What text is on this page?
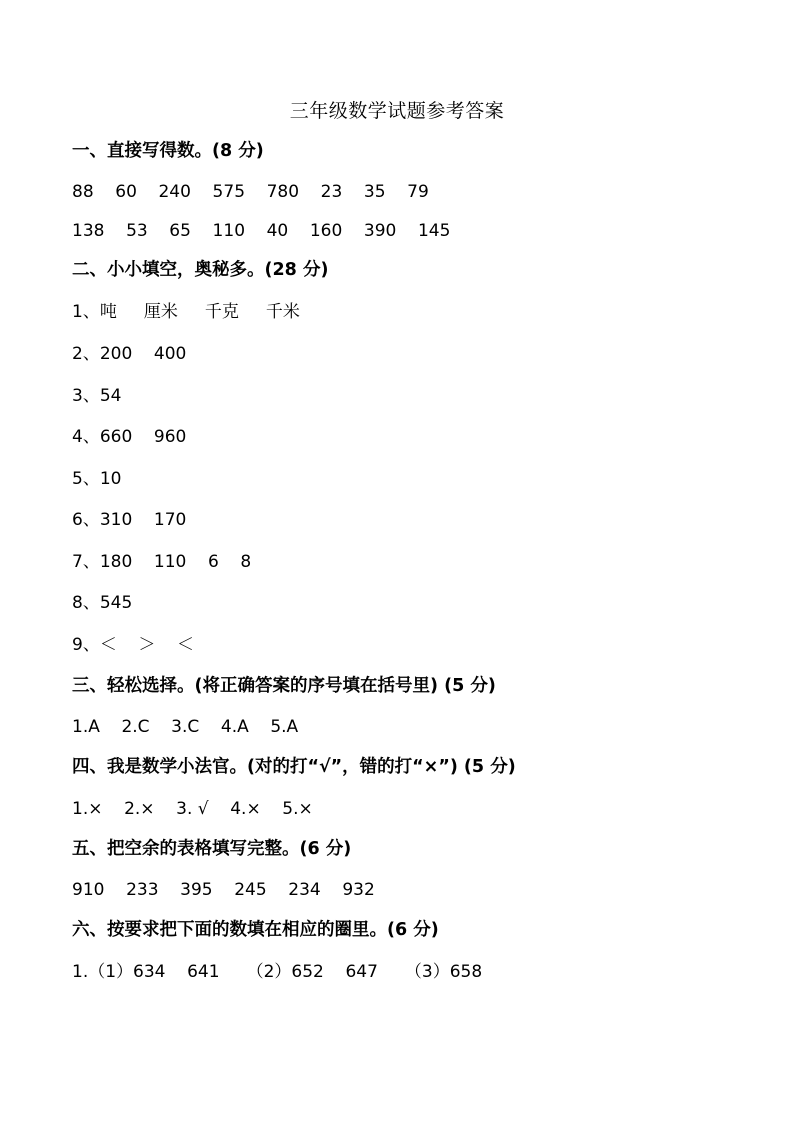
三年级数学试题参考答案
一、直接写得数。(8 分)
88    60    240    575    780    23    35    79
138    53    65    110    40    160    390    145
二、小小填空，奥秘多。(28 分)
1、吨     厘米     千克     千米
2、200    400
3、54
4、660    960
5、10
6、310    170
7、180    110    6    8
8、545
9、＜    ＞    ＜
三、轻松选择。(将正确答案的序号填在括号里) (5 分)
1.A    2.C    3.C    4.A    5.A
四、我是数学小法官。(对的打“√”，错的打“×”) (5 分)
1.×    2.×    3. √    4.×    5.×
五、把空余的表格填写完整。(6 分)
910    233    395    245    234    932
六、按要求把下面的数填在相应的圈里。(6 分)
1.（1）634    641     （2）652    647     （3）658
